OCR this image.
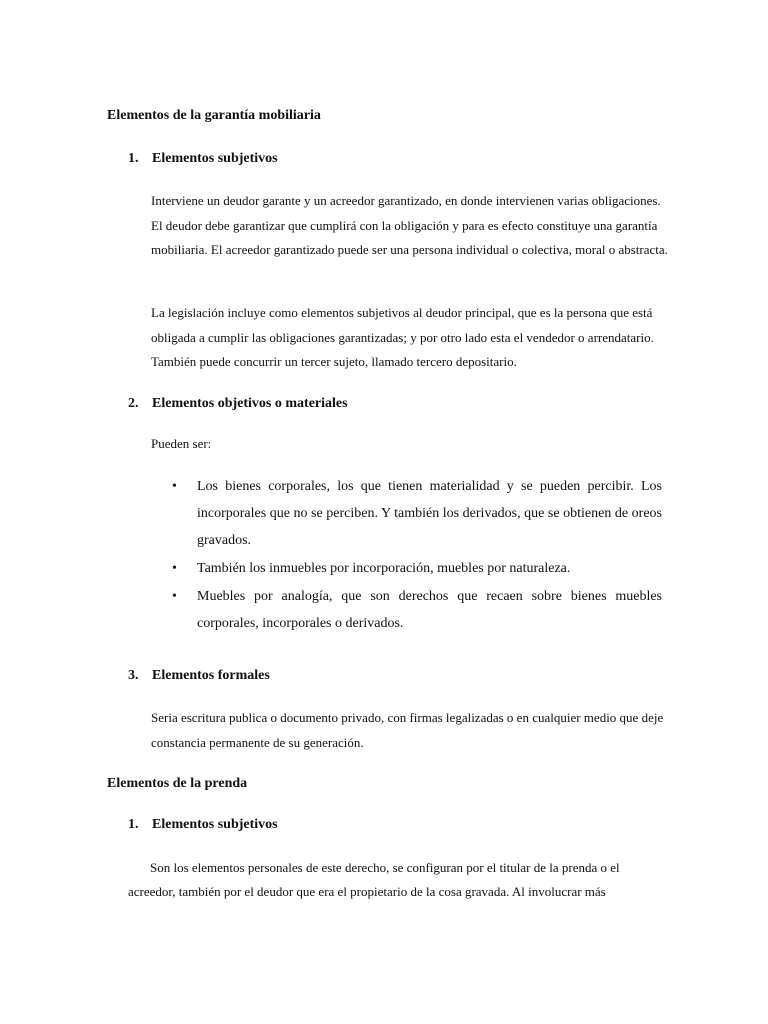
Elementos de la garantía mobiliaria
1. Elementos subjetivos

Interviene un deudor garante y un acreedor garantizado, en donde intervienen varias obligaciones. El deudor debe garantizar que cumplirá con la obligación y para es efecto constituye una garantía mobiliaria. El acreedor garantizado puede ser una persona individual o colectiva, moral o abstracta.

La legislación incluye como elementos subjetivos al deudor principal, que es la persona que está obligada a cumplir las obligaciones garantizadas; y por otro lado esta el vendedor o arrendatario. También puede concurrir un tercer sujeto, llamado tercero depositario.

2. Elementos objetivos o materiales

Pueden ser:

• Los bienes corporales, los que tienen materialidad y se pueden percibir. Los incorporales que no se perciben. Y también los derivados, que se obtienen de oreos gravados.
• También los inmuebles por incorporación, muebles por naturaleza.
• Muebles por analogía, que son derechos que recaen sobre bienes muebles corporales, incorporales o derivados.
3. Elementos formales

Seria escritura publica o documento privado, con firmas legalizadas o en cualquier medio que deje constancia permanente de su generación.

Elementos de la prenda
1. Elementos subjetivos

Son los elementos personales de este derecho, se configuran por el titular de la prenda o el
acreedor, también por el deudor que era el propietario de la cosa gravada. Al involucrar más
